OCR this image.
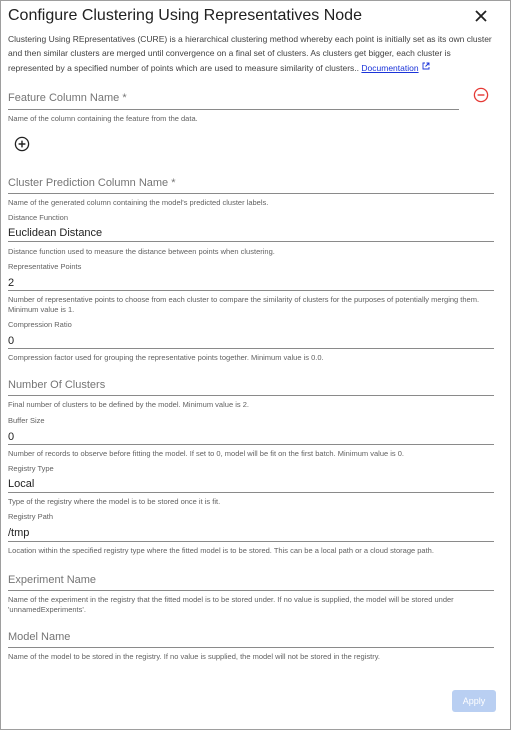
Configure Clustering Using Representatives Node
Clustering Using REpresentatives (CURE) is a hierarchical clustering method whereby each point is initially set as its own cluster and then similar clusters are merged until convergence on a final set of clusters. As clusters get bigger, each cluster is represented by a specified number of points which are used to measure similarity of clusters.. Documentation
Feature Column Name *
Name of the column containing the feature from the data.
Cluster Prediction Column Name *
Name of the generated column containing the model's predicted cluster labels.
Distance Function
Euclidean Distance
Distance function used to measure the distance between points when clustering.
Representative Points
2
Number of representative points to choose from each cluster to compare the similarity of clusters for the purposes of potentially merging them. Minimum value is 1.
Compression Ratio
0
Compression factor used for grouping the representative points together. Minimum value is 0.0.
Number Of Clusters
Final number of clusters to be defined by the model. Minimum value is 2.
Buffer Size
0
Number of records to observe before fitting the model. If set to 0, model will be fit on the first batch. Minimum value is 0.
Registry Type
Local
Type of the registry where the model is to be stored once it is fit.
Registry Path
/tmp
Location within the specified registry type where the fitted model is to be stored. This can be a local path or a cloud storage path.
Experiment Name
Name of the experiment in the registry that the fitted model is to be stored under. If no value is supplied, the model will be stored under 'unnamedExperiments'.
Model Name
Name of the model to be stored in the registry. If no value is supplied, the model will not be stored in the registry.
Apply
